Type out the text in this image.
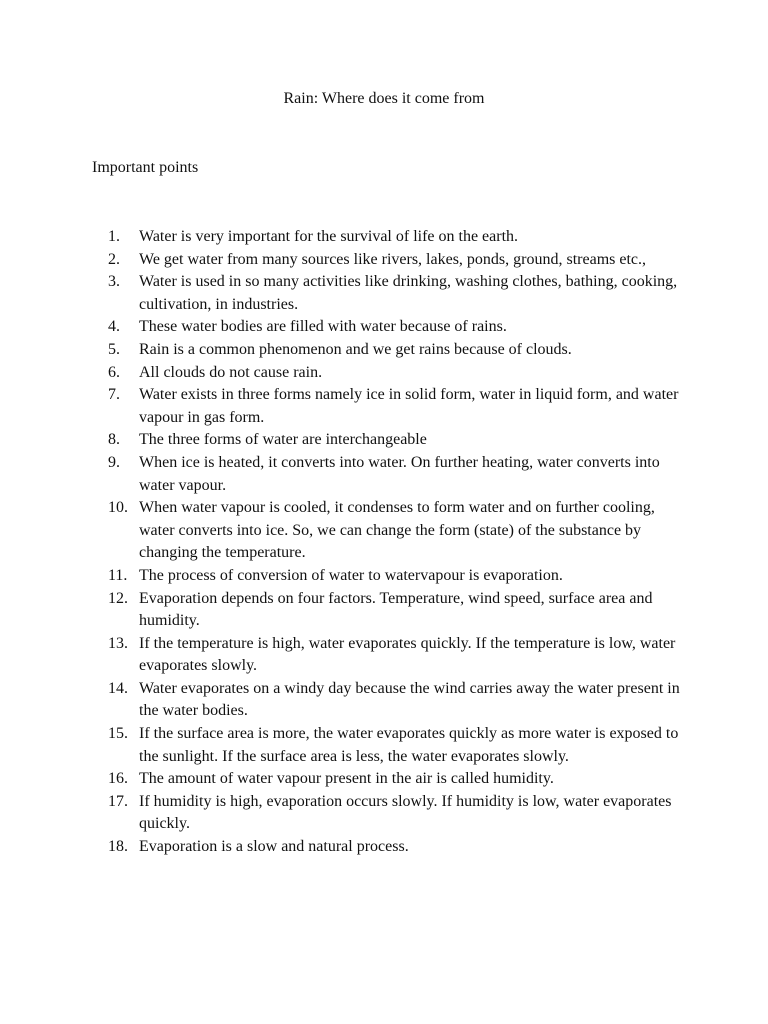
Rain: Where does it come from
Important points
1. Water is very important for the survival of life on the earth.
2. We get water from many sources like rivers, lakes, ponds, ground, streams etc.,
3. Water is used in so many activities like drinking, washing clothes, bathing, cooking, cultivation, in industries.
4. These water bodies are filled with water because of rains.
5. Rain is a common phenomenon and we get rains because of clouds.
6. All clouds do not cause rain.
7. Water exists in three forms namely ice in solid form, water in liquid form, and water vapour in gas form.
8. The three forms of water are interchangeable
9. When ice is heated, it converts into water. On further heating, water converts into water vapour.
10. When water vapour is cooled, it condenses to form water and on further cooling, water converts into ice. So, we can change the form (state) of the substance by changing the temperature.
11. The process of conversion of water to watervapour is evaporation.
12. Evaporation depends on four factors. Temperature, wind speed, surface area and humidity.
13. If the temperature is high, water evaporates quickly. If the temperature is low, water evaporates slowly.
14. Water evaporates on a windy day because the wind carries away the water present in the water bodies.
15. If the surface area is more, the water evaporates quickly as more water is exposed to the sunlight. If the surface area is less, the water evaporates slowly.
16. The amount of water vapour present in the air is called humidity.
17. If humidity is high, evaporation occurs slowly. If humidity is low, water evaporates quickly.
18. Evaporation is a slow and natural process.
